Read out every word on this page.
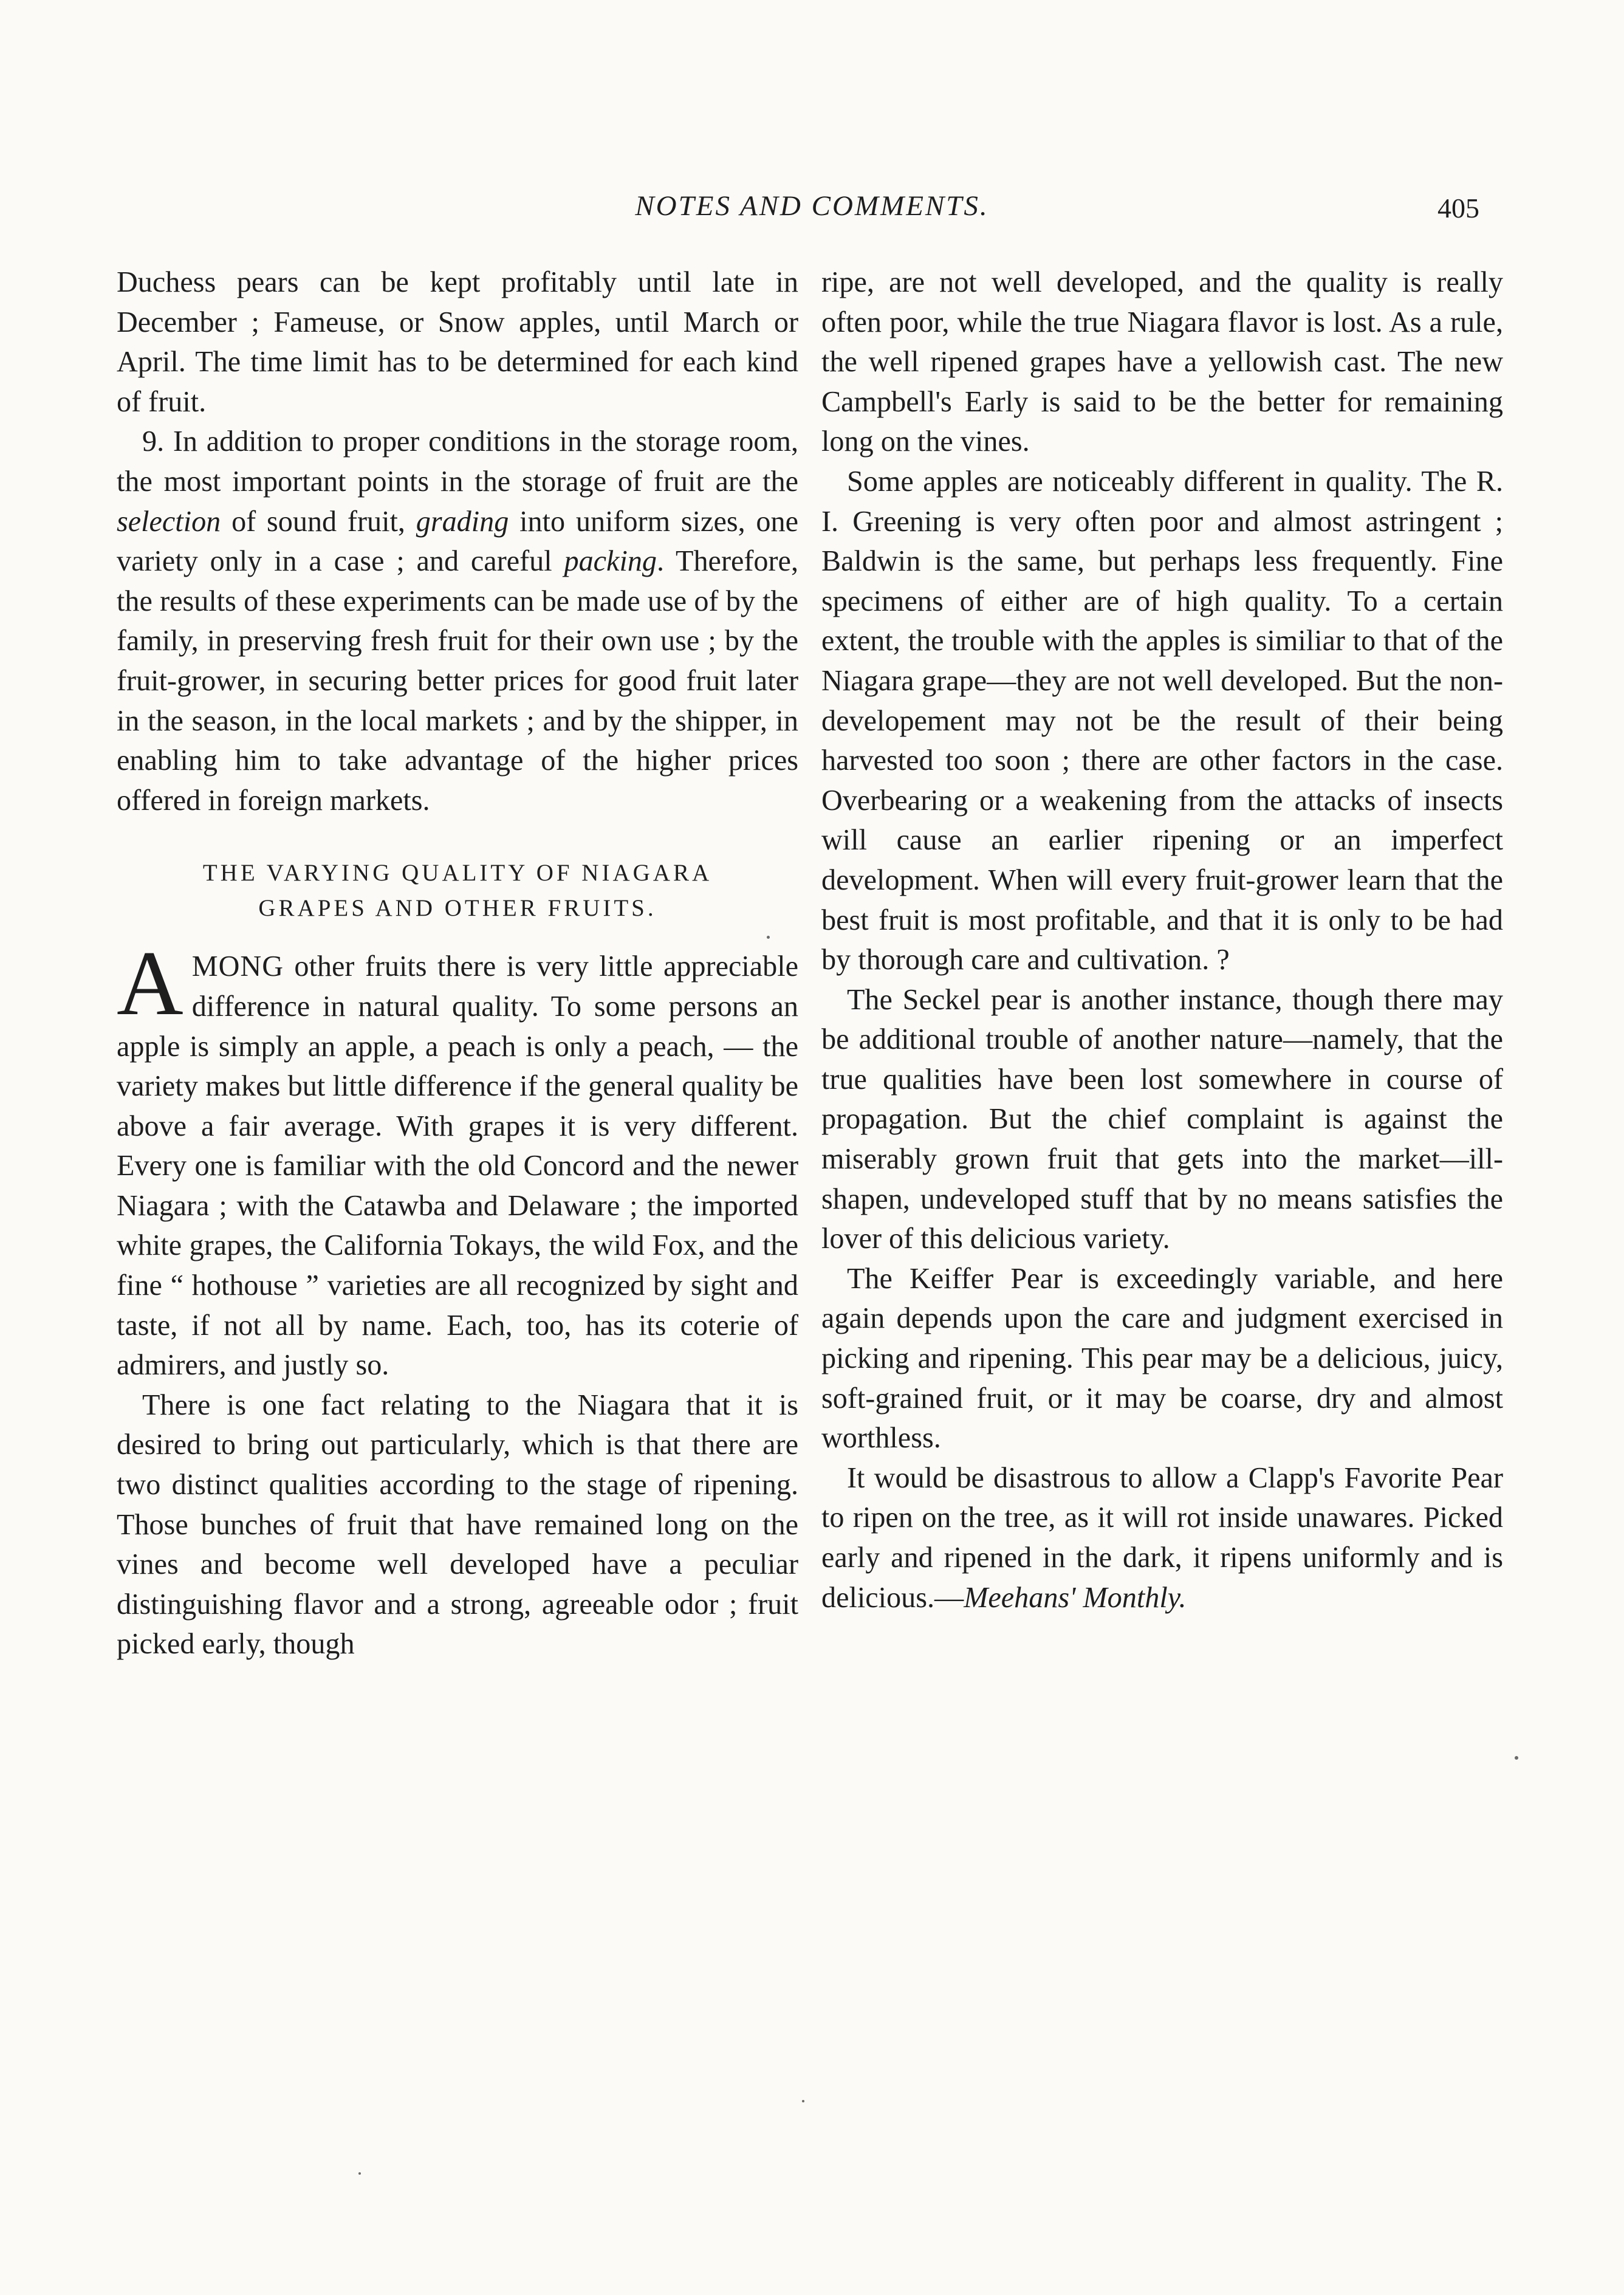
NOTES AND COMMENTS.	405

Duchess pears can be kept profitably until late in December ; Fameuse, or Snow apples, until March or April. The time limit has to be determined for each kind of fruit.

9. In addition to proper conditions in the storage room, the most important points in the storage of fruit are the selection of sound fruit, grading into uniform sizes, one variety only in a case ; and careful packing. Therefore, the results of these experiments can be made use of by the family, in preserving fresh fruit for their own use ; by the fruit-grower, in securing better prices for good fruit later in the season, in the local markets ; and by the shipper, in enabling him to take advantage of the higher prices offered in foreign markets.

THE VARYING QUALITY OF NIAGARA
GRAPES AND OTHER FRUITS.

AMONG other fruits there is very little appreciable difference in natural quality. To some persons an apple is simply an apple, a peach is only a peach, — the variety makes but little difference if the general quality be above a fair average. With grapes it is very different. Every one is familiar with the old Concord and the newer Niagara ; with the Catawba and Delaware ; the imported white grapes, the California Tokays, the wild Fox, and the fine “ hothouse ” varieties are all recognized by sight and taste, if not all by name. Each, too, has its coterie of admirers, and justly so.

There is one fact relating to the Niagara that it is desired to bring out particularly, which is that there are two distinct qualities according to the stage of ripening. Those bunches of fruit that have remained long on the vines and become well developed have a peculiar distinguishing flavor and a strong, agreeable odor ; fruit picked early, though

ripe, are not well developed, and the quality is really often poor, while the true Niagara flavor is lost. As a rule, the well ripened grapes have a yellowish cast. The new Campbell's Early is said to be the better for remaining long on the vines.

Some apples are noticeably different in quality. The R. I. Greening is very often poor and almost astringent ; Baldwin is the same, but perhaps less frequently. Fine specimens of either are of high quality. To a certain extent, the trouble with the apples is similiar to that of the Niagara grape—they are not well developed. But the non-developement may not be the result of their being harvested too soon ; there are other factors in the case. Overbearing or a weakening from the attacks of insects will cause an earlier ripening or an imperfect development. When will every fruit-grower learn that the best fruit is most profitable, and that it is only to be had by thorough care and cultivation. ?

The Seckel pear is another instance, though there may be additional trouble of another nature—namely, that the true qualities have been lost somewhere in course of propagation. But the chief complaint is against the miserably grown fruit that gets into the market—ill-shapen, undeveloped stuff that by no means satisfies the lover of this delicious variety.

The Keiffer Pear is exceedingly variable, and here again depends upon the care and judgment exercised in picking and ripening. This pear may be a delicious, juicy, soft-grained fruit, or it may be coarse, dry and almost worthless.

It would be disastrous to allow a Clapp's Favorite Pear to ripen on the tree, as it will rot inside unawares. Picked early and ripened in the dark, it ripens uniformly and is delicious.—Meehans' Monthly.
